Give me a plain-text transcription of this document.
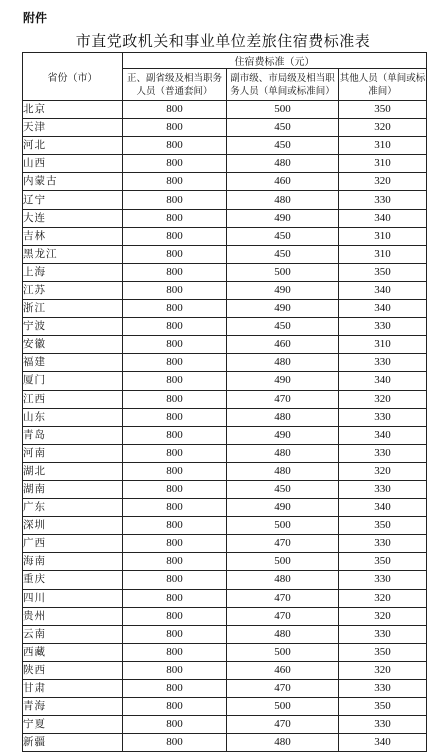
附件
市直党政机关和事业单位差旅住宿费标准表
省份（市）	住宿费标准（元）		
	正、副省级及相当职务人员（普通套间）	副市级、市局级及相当职务人员（单间或标准间）	其他人员（单间或标准间）
北京	800	500	350
天津	800	450	320
河北	800	450	310
山西	800	480	310
内蒙古	800	460	320
辽宁	800	480	330
大连	800	490	340
吉林	800	450	310
黑龙江	800	450	310
上海	800	500	350
江苏	800	490	340
浙江	800	490	340
宁波	800	450	330
安徽	800	460	310
福建	800	480	330
厦门	800	490	340
江西	800	470	320
山东	800	480	330
青岛	800	490	340
河南	800	480	330
湖北	800	480	320
湖南	800	450	330
广东	800	490	340
深圳	800	500	350
广西	800	470	330
海南	800	500	350
重庆	800	480	330
四川	800	470	320
贵州	800	470	320
云南	800	480	330
西藏	800	500	350
陕西	800	460	320
甘肃	800	470	330
青海	800	500	350
宁夏	800	470	330
新疆	800	480	340
